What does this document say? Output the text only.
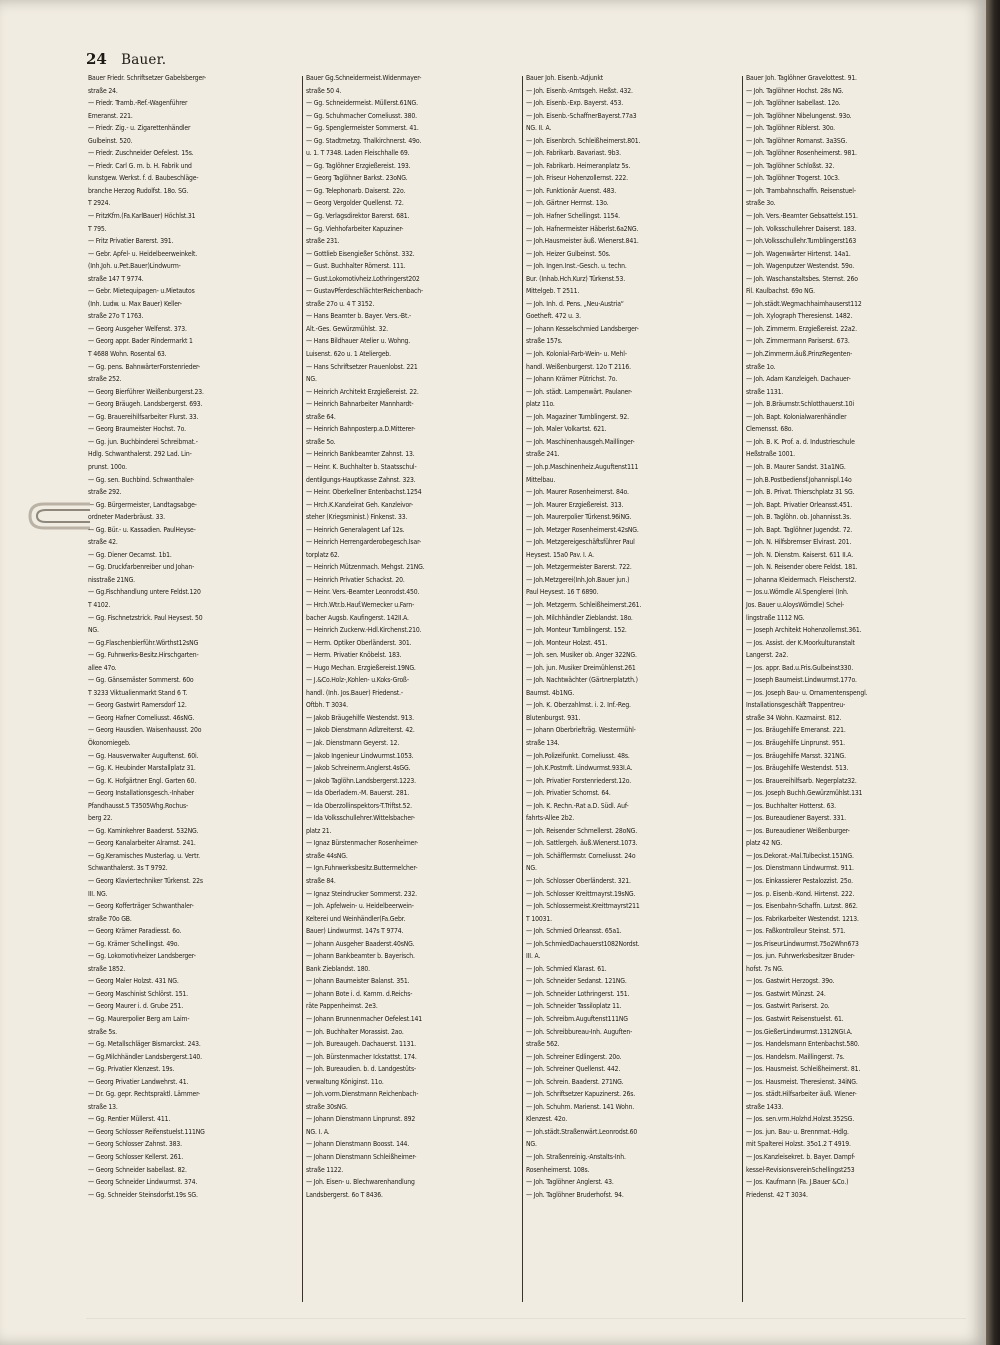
24 Bauer.
Bauer Friedr. Schriftsetzer Gabelsberger-
straße 24.
— Friedr. Tramb.-Ref.-Wagenführer
Emeranst. 221.
— Friedr. Zig.- u. Zigarettenhändler
Gulbeinst. 520.
— Friedr. Zuschneider Oefelest. 15s.
— Friedr. Carl G. m. b. H. Fabrik und
kunstgew. Werkst. f. d. Baubeschläge-
branche Herzog Rudolfst. 18o. SG.
T 2924.
— FritzKfm.(Fa.KarlBauer) Höchlst.31
T 795.
— Fritz Privatier Barerst. 391.
— Gebr. Apfel- u. Heidelbeerweinkelt.
(Inh.Joh. u.Pet.Bauer)Lindwurm-
straße 147 T 9774.
— Gebr. Mietequipagen- u.Mietautos
(Inh. Ludw. u. Max Bauer) Keller-
straße 27o T 1763.
— Georg Ausgeher Welfenst. 373.
— Georg appr. Bader Rindermarkt 1
T 4688 Wohn. Rosental 63.
— Gg. pens. BahnwärterForstenrieder-
straße 252.
— Georg Bierführer Weißenburgerst.23.
— Georg Bräugeh. Landsbergerst. 693.
— Gg. Brauereihilfsarbeiter Flurst. 33.
— Georg Braumeister Hochst. 7o.
— Gg. jun. Buchbinderei Schreibmat.-
Hdlg. Schwanthalerst. 292 Lad. Lin-
prunst. 100o.
— Gg. sen. Buchbind. Schwanthaler-
straße 292.
— Gg. Bürgermeister, Landtagsabge-
ordneter Maderbräust. 33.
— Gg. Bür.- u. Kassadien. PaulHeyse-
straße 42.
— Gg. Diener Oecamst. 1b1.
— Gg. Druckfarbenreiber und Johan-
nisstraße 21NG.
— Gg.Fischhandlung untere Feldst.120
T 4102.
— Gg. Fischnetzstrick. Paul Heysest. 50
NG.
— Gg.Flaschenbierführ.Wörthst12sNG
— Gg. Fuhrwerks-Besitz.Hirschgarten-
allee 47o.
— Gg. Gänsemäster Sommerst. 60o
T 3233 Viktualienmarkt Stand 6 T.
— Georg Gastwirt Ramersdorf 12.
— Georg Hafner Corneliusst. 46sNG.
— Georg Hausdien. Waisenhausst. 20o
Ökonomiegeb.
— Gg. Hausverwalter Auguftenst. 60i.
— Gg. K. Heubinder Marstallplatz 31.
— Gg. K. Hofgärtner Engl. Garten 60.
— Georg Installationsgesch.-Inhaber
Pfandhausst.5 T3505Whg.Rochus-
berg 22.
— Gg. Kaminkehrer Baaderst. 532NG.
— Georg Kanalarbeiter Alramst. 241.
— Gg.Keramisches Musterlag. u. Vertr.
Schwanthalerst. 3s T 9792.
— Georg Klaviertechniker Türkenst. 22s
III. NG.
— Georg Kofferträger Schwanthaler-
straße 70o GB.
— Georg Krämer Paradiesst. 6o.
— Gg. Krämer Schellingst. 49o.
— Gg. Lokomotivheizer Landsberger-
straße 1852.
— Georg Maler Holzst. 431 NG.
— Georg Maschinist Schlörst. 151.
— Georg Maurer i. d. Grube 251.
— Gg. Maurerpolier Berg am Laim-
straße 5s.
— Gg. Metallschläger Bismarckst. 243.
— Gg.Milchhändler Landsbergerst.140.
— Gg. Privatier Klenzest. 19s.
— Georg Privatier Landwehrst. 41.
— Dr. Gg. gepr. Rechtspraktl. Lämmer-
straße 13.
— Gg. Rentier Müllerst. 411.
— Georg Schlosser Reifenstuelst.111NG
— Georg Schlosser Zahnst. 383.
— Georg Schlosser Kellerst. 261.
— Georg Schneider Isabellast. 82.
— Georg Schneider Lindwurmst. 374.
— Gg. Schneider Steinsdorfst.19s SG.
Bauer Gg.Schneidermeist.Widenmayer-
straße 50 4.
— Gg. Schneidermeist. Müllerst.61NG.
— Gg. Schuhmacher Corneliusst. 380.
— Gg. Spenglermeister Sommerst. 41.
— Gg. Stadtmetzg. Thalkirchnerst. 49o.
u. 1. T 7348. Laden Fleischhalle 69.
— Gg. Taglöhner Erzgießereist. 193.
— Georg Taglöhner Barkst. 23oNG.
— Gg. Telephonarb. Daiserst. 22o.
— Georg Vergolder Quellenst. 72.
— Gg. Verlagsdirektor Barerst. 681.
— Gg. Viehhofarbeiter Kapuziner-
straße 231.
— Gottlieb Eisengießer Schönst. 332.
— Gust. Buchhalter Römerst. 111.
— Gust.Lokomotivheiz.Lothringerst202
— GustavPferdeschlächterReichenbach-
straße 27o u. 4 T 3152.
— Hans Beamter b. Bayer. Vers.-Bt.-
Alt.-Ges. Gewürzmühlst. 32.
— Hans Bildhauer Atelier u. Wohng.
Luisenst. 62o u. 1 Ateliergeb.
— Hans Schriftsetzer Frauenlobst. 221
NG.
— Heinrich Architekt Erzgießereist. 22.
— Heinrich Bahnarbeiter Mannhardt-
straße 64.
— Heinrich Bahnposterp.a.D.Mitterer-
straße 5o.
— Heinrich Bankbeamter Zahnst. 13.
— Heinr. K. Buchhalter b. Staatsschul-
dentilgungs-Hauptkasse Zahnst. 323.
— Heinr. Oberkellner Entenbachst.1254
— Hrch.K.Kanzleirat Geh. Kanzleivor-
steher (Kriegsminist.) Finkenst. 33.
— Heinrich Generalagent Laf 12s.
— Heinrich Herrengarderobegesch.Isar-
torplatz 62.
— Heinrich Mützenmach. Mehgst. 21NG.
— Heinrich Privatier Schackst. 20.
— Heinr. Vers.-Beamter Leonrodst.450.
— Hrch.Wtr.b.Hauf.Wernecker u.Farn-
bacher Augsb. Kaufingerst. 142II.A.
— Heinrich Zuckerw.-Hdl.Kirchenst.210.
— Herm. Optiker Oberländerst. 301.
— Herm. Privatier Knöbelst. 183.
— Hugo Mechan. Erzgießereist.19NG.
— J.&Co.Holz-,Kohlen- u.Koks-Groß-
handl. (Inh. Jos.Bauer) Friedenst.-
Oftbh. T 3034.
— Jakob Bräugehilfe Westendst. 913.
— Jakob Dienstmann Adlzreiterst. 42.
— Jak. Dienstmann Geyerst. 12.
— Jakob Ingenieur Lindwurmst.1053.
— Jakob Schreinerm.Anglerst.4sGG.
— Jakob Taglöhn.Landsbergerst.1223.
— Ida Oberladem.-M. Bauerst. 281.
— Ida Oberzollinspektors-T.Triftst.52.
— Ida Volksschullehrer.Wittelsbacher-
platz 21.
— Ignaz Bürstenmacher Rosenheimer-
straße 44sNG.
— Ign.Fuhrwerksbesitz.Buttermelcher-
straße 84.
— Ignaz Steindrucker Sommerst. 232.
— Joh. Apfelwein- u. Heidelbeerwein-
Kelterei und Weinhändler(Fa.Gebr.
Bauer) Lindwurmst. 147s T 9774.
— Johann Ausgeher Baaderst.40sNG.
— Johann Bankbeamter b. Bayerisch.
Bank Zieblandst. 180.
— Johann Baumeister Balanst. 351.
— Johann Bote i. d. Kamm. d.Reichs-
räte Pappenheimst. 2e3.
— Johann Brunnenmacher Oefelest.141
— Joh. Buchhalter Morassist. 2ao.
— Joh. Bureaugeh. Dachauerst. 1131.
— Joh. Bürstenmacher Ickstattst. 174.
— Joh. Bureaudien. b. d. Landgestüts-
verwaltung Königinst. 11o.
— Joh.vorm.Dienstmann Reichenbach-
straße 30sNG.
— Johann Dienstmann Linprunst. 892
NG. I. A.
— Johann Dienstmann Boosst. 144.
— Johann Dienstmann Schleißheimer-
straße 1122.
— Joh. Eisen- u. Blechwarenhandlung
Landsbergerst. 6o T 8436.
Bauer Joh. Eisenb.-Adjunkt
— Joh. Eisenb.-Amtsgeh. Heßst. 432.
— Joh. Eisenb.-Exp. Bayerst. 453.
— Joh. Eisenb.-SchaffnerBayerst.77a3
NG. II. A.
— Joh. Eisenbrch. Schleißheimerst.801.
— Joh. Fabrikarb. Bavariast. 9b3.
— Joh. Fabrikarb. Heimeranplatz 5s.
— Joh. Friseur Hohenzollernst. 222.
— Joh. Funktionär Auenst. 483.
— Joh. Gärtner Herrnst. 13o.
— Joh. Hafner Schellingst. 1154.
— Joh. Hafnermeister Häberlst.6a2NG.
— Joh.Hausmeister äuß. Wienerst.841.
— Joh. Heizer Gulbeinst. 50s.
— Joh. Ingen.Inst.-Gesch. u. techn.
Bur. (Inhab.Hch.Kurz) Türkenst.53.
Mittelgeb. T 2511.
— Joh. Inh. d. Pens. „Neu-Austria“
Goetheft. 472 u. 3.
— Johann Kesselschmied Landsberger-
straße 157s.
— Joh. Kolonial-Farb-Wein- u. Mehl-
handl. Weißenburgerst. 12o T 2116.
— Johann Krämer Pütrichst. 7o.
— Joh. städt. Lampenwärt. Paulaner-
platz 11o.
— Joh. Magaziner Tumblingerst. 92.
— Joh. Maler Volkartst. 621.
— Joh. Maschinenhausgeh.Maillinger-
straße 241.
— Joh.p.Maschinenheiz.Auguftenst111
Mittelbau.
— Joh. Maurer Rosenheimerst. 84o.
— Joh. Maurer Erzgießereist. 313.
— Joh. Maurerpolier Türkenst.96iNG.
— Joh. Metzger Rosenheimerst.42sNG.
— Joh. Metzgereigeschäftsführer Paul
Heysest. 15a0 Pav. I. A.
— Joh. Metzgermeister Barerst. 722.
— Joh.Metzgerei(Inh.Joh.Bauer jun.)
Paul Heysest. 16 T 6890.
— Joh. Metzgerm. Schleißheimerst.261.
— Joh. Milchhändler Zieblandst. 18o.
— Joh. Monteur Tumblingerst. 152.
— Joh. Monteur Holzst. 451.
— Joh. sen. Musiker ob. Anger 322NG.
— Joh. jun. Musiker Dreimühlenst.261
— Joh. Nachtwächter (Gärtnerplatzth.)
Baumst. 4b1NG.
— Joh. K. Oberzahlmst. i. 2. Inf.-Reg.
Blutenburgst. 931.
— Johann Oberbriefträg. Westermühl-
straße 134.
— Joh.Polizeifunkt. Corneliusst. 48s.
— Joh.K.Postmft. Lindwurmst.933I.A.
— Joh. Privatier Forstenriederst.12o.
— Joh. Privatier Schornst. 64.
— Joh. K. Rechn.-Rat a.D. Südl. Auf-
fahrts-Allee 2b2.
— Joh. Reisender Schmellerst. 28oNG.
— Joh. Sattlergeh. äuß.Wienerst.1073.
— Joh. Schäfflermstr. Corneliusst. 24o
NG.
— Joh. Schlosser Oberländerst. 321.
— Joh. Schlosser Kreittmayrst.19sNG.
— Joh. Schlossermeist.Kreittmayrst211
T 10031.
— Joh. Schmied Orleansst. 65a1.
— Joh.SchmiedDachauerst1082Nordst.
III. A.
— Joh. Schmied Klarast. 61.
— Joh. Schneider Sedanst. 121NG.
— Joh. Schneider Lothringerst. 151.
— Joh. Schneider Tassiloplatz 11.
— Joh. Schreibm.Auguftenst111NG
— Joh. Schreibbureau-Inh. Auguften-
straße 562.
— Joh. Schreiner Edlingerst. 20o.
— Joh. Schreiner Quellenst. 442.
— Joh. Schrein. Baaderst. 271NG.
— Joh. Schriftsetzer Kapuzinerst. 26s.
— Joh. Schuhm. Marienst. 141 Wohn.
Klenzest. 42o.
— Joh.städt.Straßenwärt.Leonrodst.60
NG.
— Joh. Straßenreinig.-Anstalts-Inh.
Rosenheimerst. 108s.
— Joh. Taglöhner Anglerst. 43.
— Joh. Taglöhner Bruderhofst. 94.
Bauer Joh. Taglöhner Gravelottest. 91.
— Joh. Taglöhner Hochst. 28s NG.
— Joh. Taglöhner Isabellast. 12o.
— Joh. Taglöhner Nibelungenst. 93o.
— Joh. Taglöhner Riblerst. 30o.
— Joh. Taglöhner Romanst. 3a3SG.
— Joh. Taglöhner Rosenheimerst. 981.
— Joh. Taglöhner Schloßst. 32.
— Joh. Taglöhner Trogerst. 10c3.
— Joh. Trambahnschaffn. Reisenstuel-
straße 3o.
— Joh. Vers.-Beamter Gebsattelst.151.
— Joh. Volksschullehrer Daiserst. 183.
— Joh.Volksschullehr.Tumblingerst163
— Joh. Wagenwärter Hirtenst. 14a1.
— Joh. Wagenputzer Westendst. 59o.
— Joh. Waschanstaltsbes. Sternst. 26o
Fil. Kaulbachst. 69o NG.
— Joh.städt.Wegmachhaimhauserst112
— Joh. Xylograph Theresienst. 1482.
— Joh. Zimmerm. Erzgießereist. 22a2.
— Joh. Zimmermann Pariserst. 673.
— Joh.Zimmerm.äuß.PrinzRegenten-
straße 1o.
— Joh. Adam Kanzleigeh. Dachauer-
straße 1131.
— Joh. B.Bräumstr.Schlotthauerst.10i
— Joh. Bapt. Kolonialwarenhändler
Clemensst. 68o.
— Joh. B. K. Prof. a. d. Industrieschule
Heßstraße 1001.
— Joh. B. Maurer Sandst. 31a1NG.
— Joh.B.Postbediensf.Johannispl.14o
— Joh. B. Privat. Thierschplatz 31 SG.
— Joh. Bapt. Privatier Orleansst.451.
— Joh. B. Taglöhn. ob. Johannisst.3s.
— Joh. Bapt. Taglöhner Jugendst. 72.
— Joh. N. Hilfsbremser Elvirast. 201.
— Joh. N. Dienstm. Kaiserst. 611 II.A.
— Joh. N. Reisender obere Feldst. 181.
— Johanna Kleidermach. Fleischerst2.
— Jos.u.Wörndle Al.Spenglerei (Inh.
Jos. Bauer u.AloysWörndle) Schel-
lingstraße 1112 NG.
— Joseph Architekt Hohenzollernst.361.
— Jos. Assist. der K.Moorkulturanstalt
Langerst. 2a2.
— Jos. appr. Bad.u.Fris.Gulbeinst330.
— Joseph Baumeist.Lindwurmst.177o.
— Jos. Joseph Bau- u. Ornamentenspengl.
Installationsgeschäft Trappentreu-
straße 34 Wohn. Kazmairst. 812.
— Jos. Bräugehilfe Emeranst. 221.
— Jos. Bräugehilfe Linprunst. 951.
— Jos. Bräugehilfe Marsst. 321NG.
— Jos. Bräugehilfe Westendst. 513.
— Jos. Brauereihilfsarb. Negerplatz32.
— Jos. Joseph Buchh.Gewürzmühlst.131
— Jos. Buchhalter Hotterst. 63.
— Jos. Bureaudiener Bayerst. 331.
— Jos. Bureaudiener Weißenburger-
platz 42 NG.
— Jos.Dekorat.-Mal.Tulbeckst.151NG.
— Jos. Dienstmann Lindwurmst. 911.
— Jos. Einkassierer Pestalozzist. 25o.
— Jos. p. Eisenb.-Kond. Hirtenst. 222.
— Jos. Eisenbahn-Schaffn. Lutzst. 862.
— Jos. Fabrikarbeiter Westendst. 1213.
— Jos. Faßkontrolleur Steinst. 571.
— Jos.FriseurLindwurmst.75o2Whn673
— Jos. jun. Fuhrwerksbesitzer Bruder-
hofst. 7s NG.
— Jos. Gastwirt Herzogst. 39o.
— Jos. Gastwirt Münzst. 24.
— Jos. Gastwirt Pariserst. 2o.
— Jos. Gastwirt Reisenstuelst. 61.
— Jos.GießerLindwurmst.1312NGI.A.
— Jos. Handelsmann Entenbachst.580.
— Jos. Handelsm. Maillingerst. 7s.
— Jos. Hausmeist. Schleißheimerst. 81.
— Jos. Hausmeist. Theresienst. 34iNG.
— Jos. städt.Hilfsarbeiter äuß. Wiener-
straße 1433.
— Jos. sen.vrm.Holzhd.Holzst.352SG.
— Jos. jun. Bau- u. Brennmat.-Hdlg.
mit Spalterei Holzst. 35o1.2 T 4919.
— Jos.Kanzleisekret. b. Bayer. Dampf-
kessel-RevisionsvereinSchellingst253
— Jos. Kaufmann (Fa. J.Bauer &Co.)
Friedenst. 42 T 3034.
